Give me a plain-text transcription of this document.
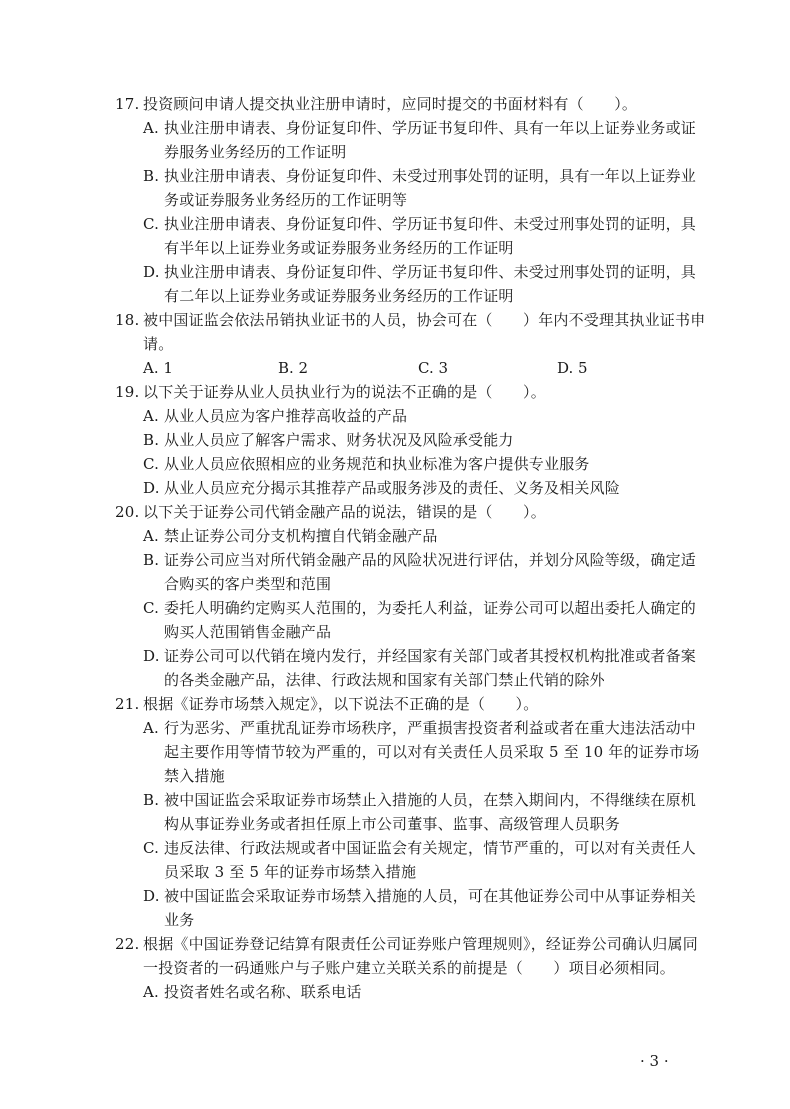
17. 投资顾问申请人提交执业注册申请时，应同时提交的书面材料有（　　）。
A. 执业注册申请表、身份证复印件、学历证书复印件、具有一年以上证券业务或证券服务业务经历的工作证明
B. 执业注册申请表、身份证复印件、未受过刑事处罚的证明，具有一年以上证券业务或证券服务业务经历的工作证明等
C. 执业注册申请表、身份证复印件、学历证书复印件、未受过刑事处罚的证明，具有半年以上证券业务或证券服务业务经历的工作证明
D. 执业注册申请表、身份证复印件、学历证书复印件、未受过刑事处罚的证明，具有二年以上证券业务或证券服务业务经历的工作证明
18. 被中国证监会依法吊销执业证书的人员，协会可在（　　）年内不受理其执业证书申请。
A. 1	B. 2	C. 3	D. 5
19. 以下关于证券从业人员执业行为的说法不正确的是（　　）。
A. 从业人员应为客户推荐高收益的产品
B. 从业人员应了解客户需求、财务状况及风险承受能力
C. 从业人员应依照相应的业务规范和执业标准为客户提供专业服务
D. 从业人员应充分揭示其推荐产品或服务涉及的责任、义务及相关风险
20. 以下关于证券公司代销金融产品的说法，错误的是（　　）。
A. 禁止证券公司分支机构擅自代销金融产品
B. 证券公司应当对所代销金融产品的风险状况进行评估，并划分风险等级，确定适合购买的客户类型和范围
C. 委托人明确约定购买人范围的，为委托人利益，证券公司可以超出委托人确定的购买人范围销售金融产品
D. 证券公司可以代销在境内发行，并经国家有关部门或者其授权机构批准或者备案的各类金融产品，法律、行政法规和国家有关部门禁止代销的除外
21. 根据《证券市场禁入规定》，以下说法不正确的是（　　）。
A. 行为恶劣、严重扰乱证券市场秩序，严重损害投资者利益或者在重大违法活动中起主要作用等情节较为严重的，可以对有关责任人员采取 5 至 10 年的证券市场禁入措施
B. 被中国证监会采取证券市场禁止入措施的人员，在禁入期间内，不得继续在原机构从事证券业务或者担任原上市公司董事、监事、高级管理人员职务
C. 违反法律、行政法规或者中国证监会有关规定，情节严重的，可以对有关责任人员采取 3 至 5 年的证券市场禁入措施
D. 被中国证监会采取证券市场禁入措施的人员，可在其他证券公司中从事证券相关业务
22. 根据《中国证券登记结算有限责任公司证券账户管理规则》，经证券公司确认归属同一投资者的一码通账户与子账户建立关联关系的前提是（　　）项目必须相同。
A. 投资者姓名或名称、联系电话
· 3 ·
